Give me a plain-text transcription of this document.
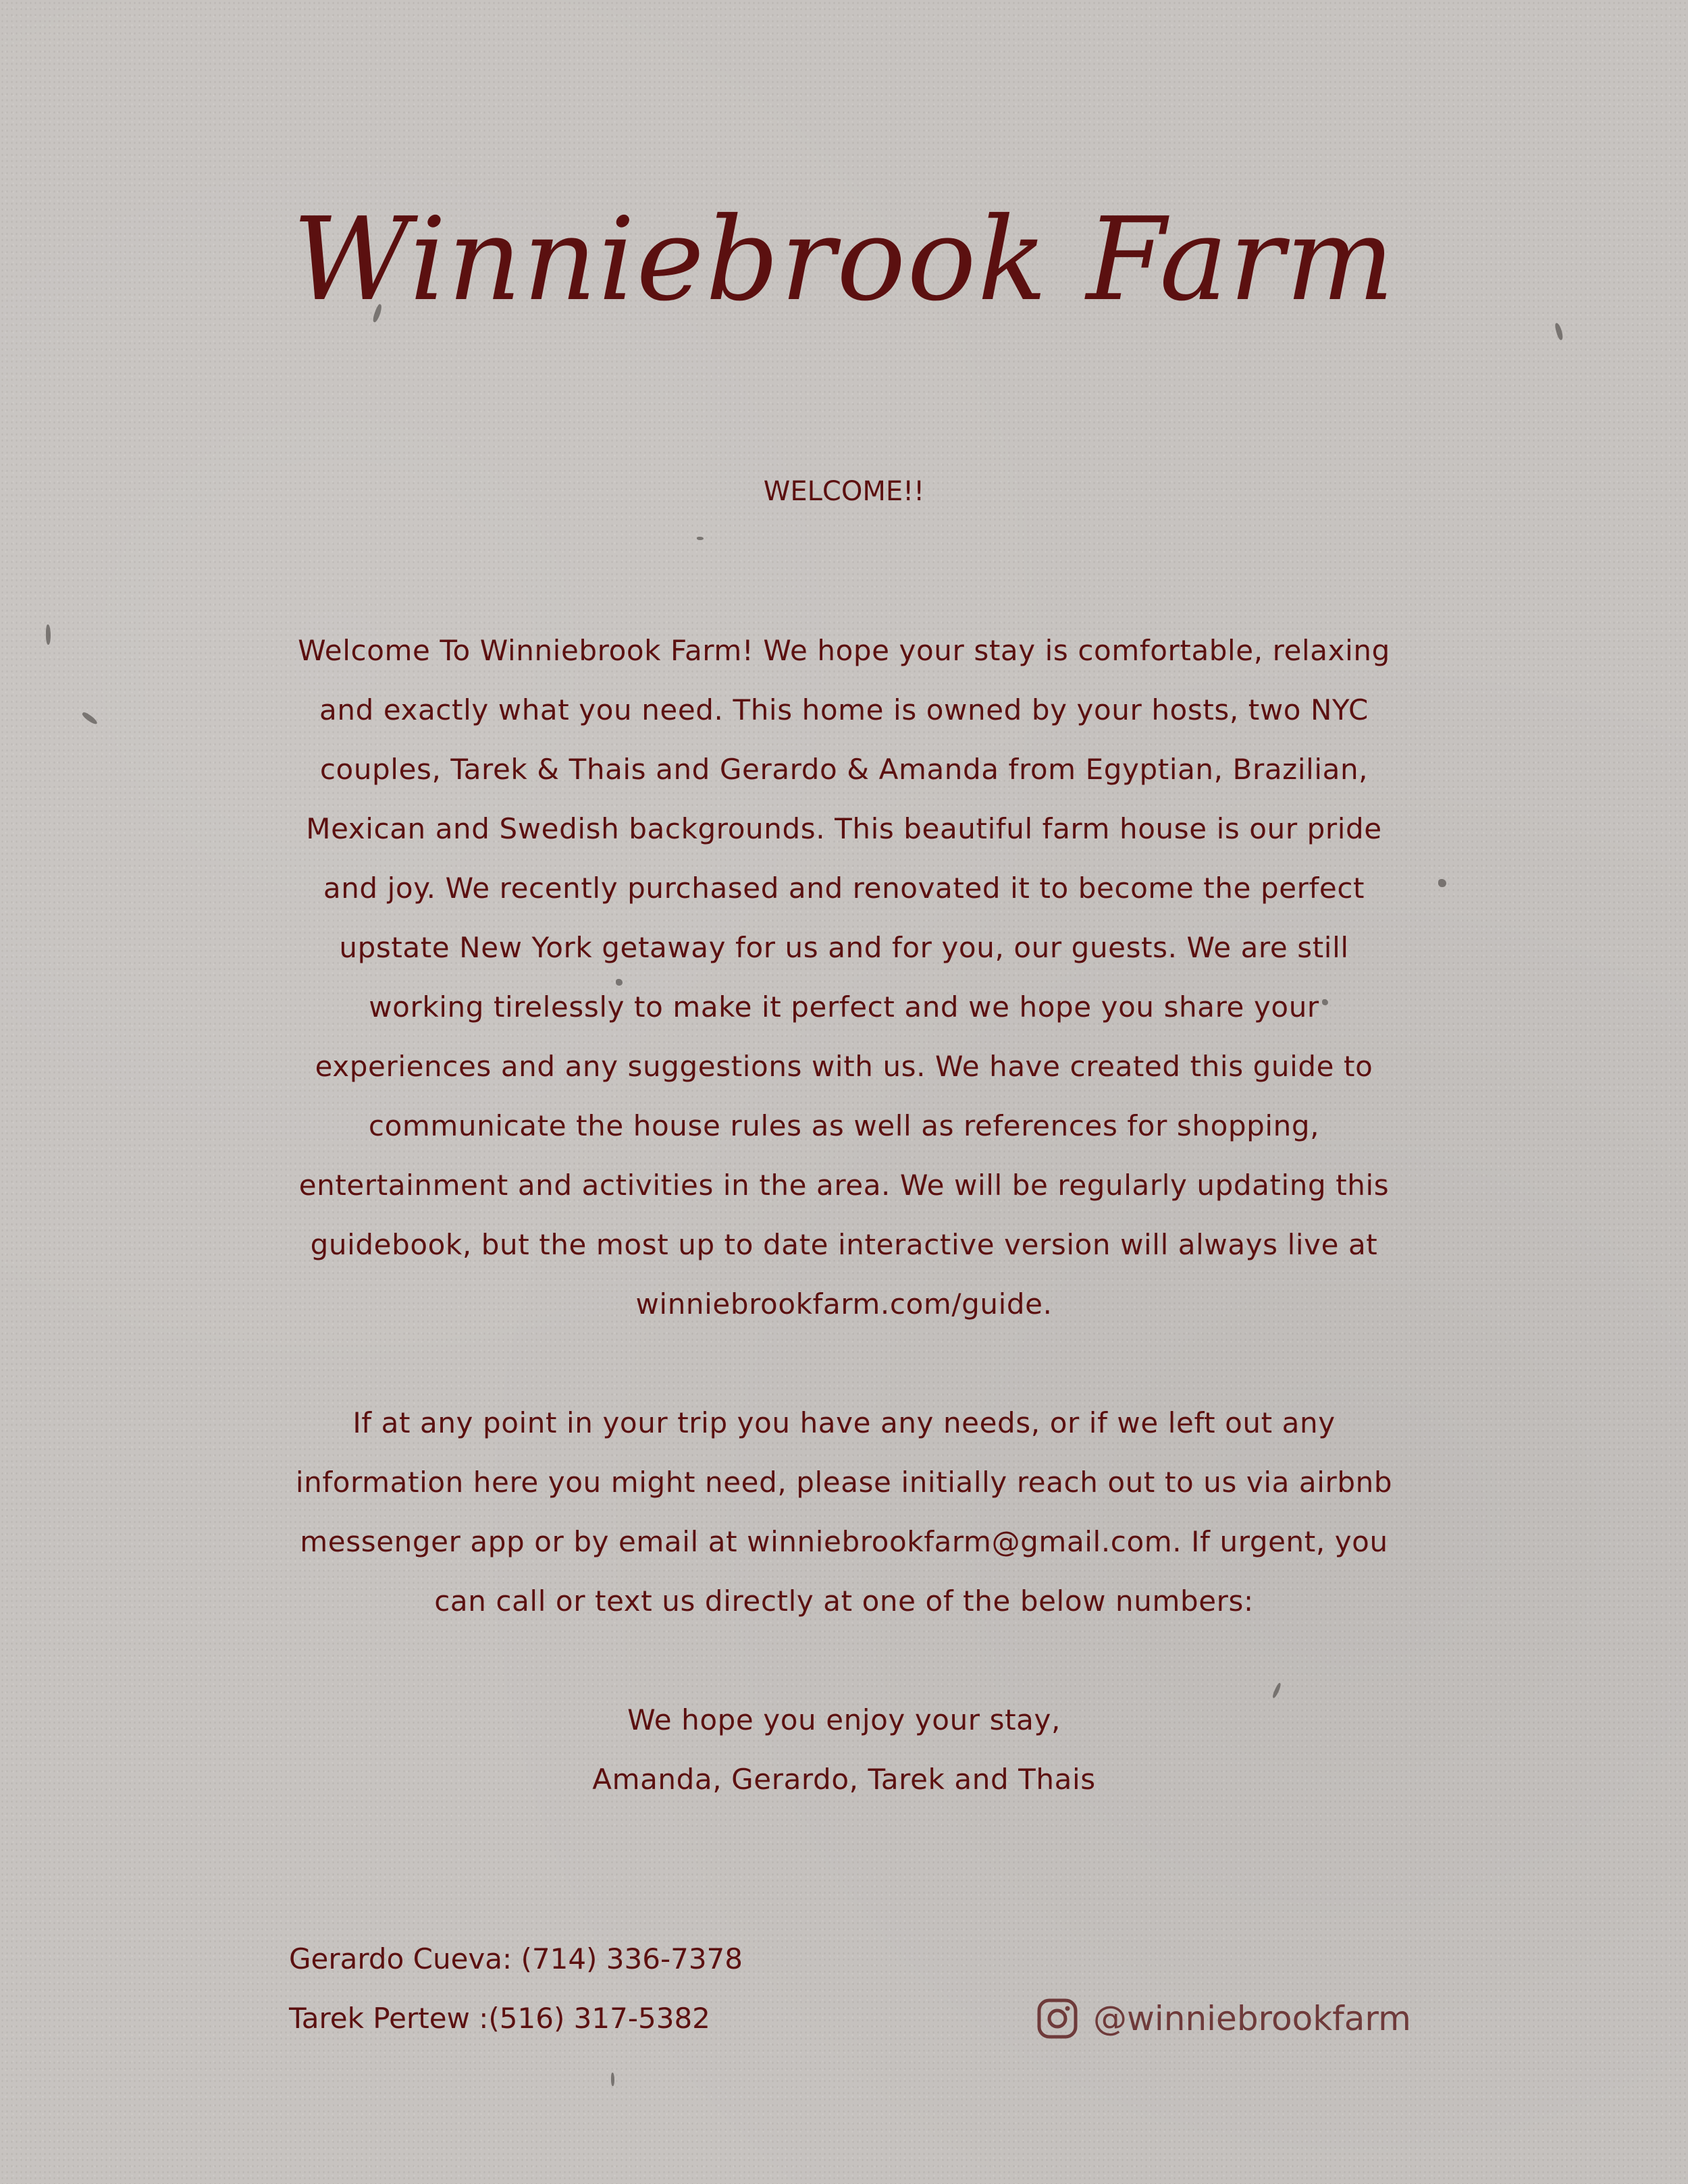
Winniebrook Farm
WELCOME!!

Welcome To Winniebrook Farm! We hope your stay is comfortable, relaxing and exactly what you need. This home is owned by your hosts, two NYC couples, Tarek & Thais and Gerardo & Amanda from Egyptian, Brazilian, Mexican and Swedish backgrounds. This beautiful farm house is our pride and joy. We recently purchased and renovated it to become the perfect upstate New York getaway for us and for you, our guests. We are still working tirelessly to make it perfect and we hope you share your experiences and any suggestions with us. We have created this guide to communicate the house rules as well as references for shopping, entertainment and activities in the area. We will be regularly updating this guidebook, but the most up to date interactive version will always live at winniebrookfarm.com/guide.

If at any point in your trip you have any needs, or if we left out any information here you might need, please initially reach out to us via airbnb messenger app or by email at winniebrookfarm@gmail.com. If urgent, you can call or text us directly at one of the below numbers:

We hope you enjoy your stay,

Amanda, Gerardo, Tarek and Thais

Gerardo Cueva: (714) 336-7378
Tarek Pertew :(516) 317-5382	@winniebrookfarm
